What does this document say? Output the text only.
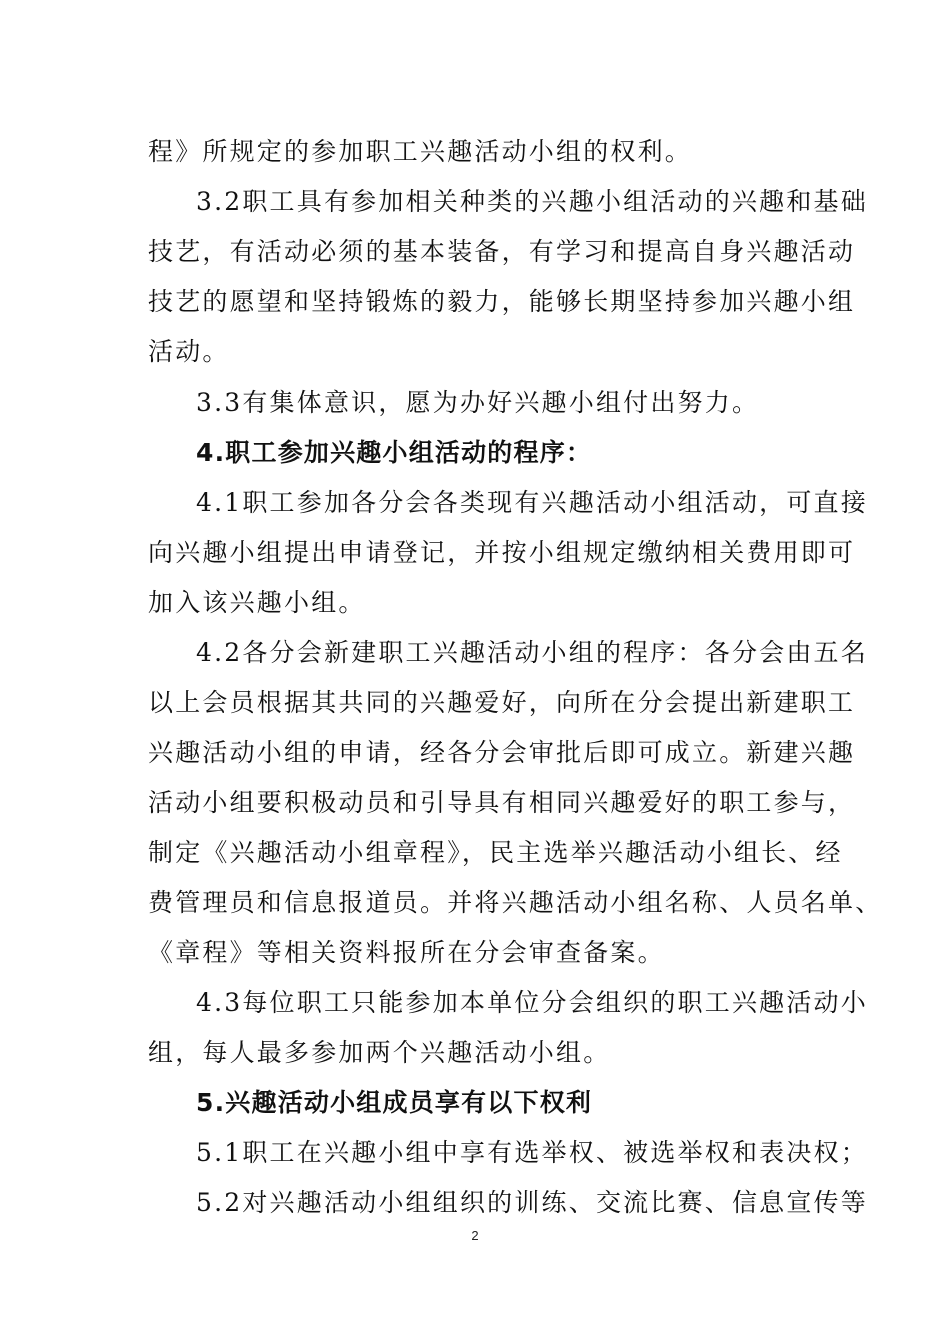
程》所规定的参加职工兴趣活动小组的权利。
3.2职工具有参加相关种类的兴趣小组活动的兴趣和基础
技艺，有活动必须的基本装备，有学习和提高自身兴趣活动
技艺的愿望和坚持锻炼的毅力，能够长期坚持参加兴趣小组
活动。
3.3有集体意识，愿为办好兴趣小组付出努力。
4.职工参加兴趣小组活动的程序：
4.1职工参加各分会各类现有兴趣活动小组活动，可直接
向兴趣小组提出申请登记，并按小组规定缴纳相关费用即可
加入该兴趣小组。
4.2各分会新建职工兴趣活动小组的程序：各分会由五名
以上会员根据其共同的兴趣爱好，向所在分会提出新建职工
兴趣活动小组的申请，经各分会审批后即可成立。新建兴趣
活动小组要积极动员和引导具有相同兴趣爱好的职工参与，
制定《兴趣活动小组章程》，民主选举兴趣活动小组长、经
费管理员和信息报道员。并将兴趣活动小组名称、人员名单、
《章程》等相关资料报所在分会审查备案。
4.3每位职工只能参加本单位分会组织的职工兴趣活动小
组，每人最多参加两个兴趣活动小组。
5.兴趣活动小组成员享有以下权利
5.1职工在兴趣小组中享有选举权、被选举权和表决权；
5.2对兴趣活动小组组织的训练、交流比赛、信息宣传等
2
